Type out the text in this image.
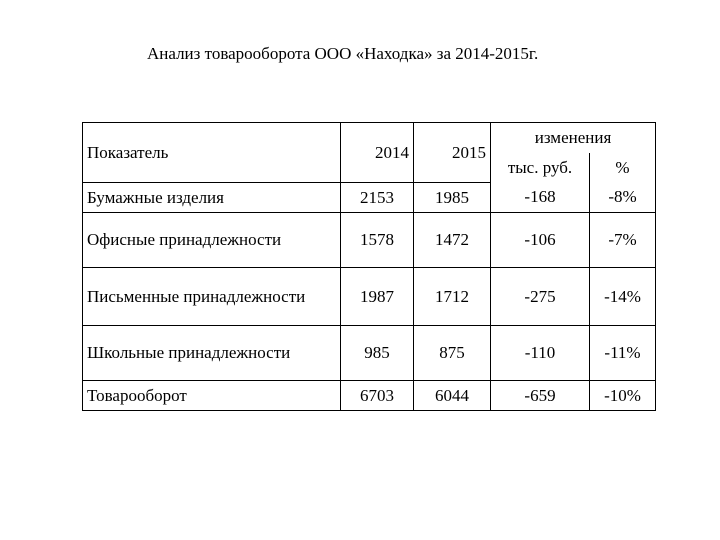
Анализ товарооборота ООО «Находка» за 2014-2015г.
Показатель	2014	2015	изменения	
			тыс. руб.	%
Бумажные изделия	2153	1985	-168	-8%
Офисные принадлежности	1578	1472	-106	-7%
Письменные принадлежности	1987	1712	-275	-14%
Школьные принадлежности	985	875	-110	-11%
Товарооборот	6703	6044	-659	-10%
